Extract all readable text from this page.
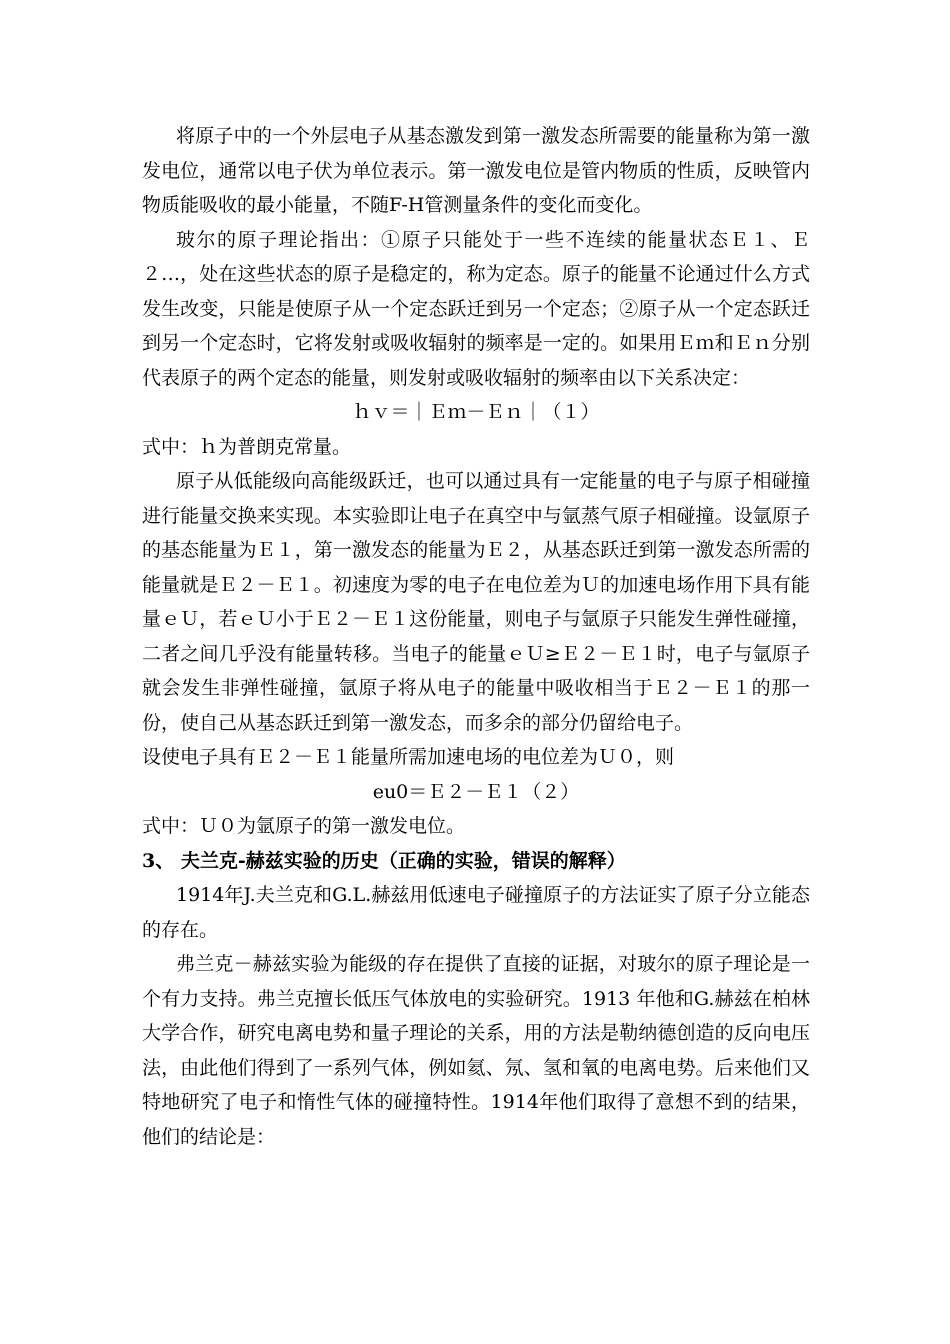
将原子中的一个外层电子从基态激发到第一激发态所需要的能量称为第一激发电位，通常以电子伏为单位表示。第一激发电位是管内物质的性质，反映管内物质能吸收的最小能量，不随F-H管测量条件的变化而变化。

玻尔的原子理论指出：①原子只能处于一些不连续的能量状态Ｅ１、Ｅ２…，处在这些状态的原子是稳定的，称为定态。原子的能量不论通过什么方式发生改变，只能是使原子从一个定态跃迁到另一个定态；②原子从一个定态跃迁到另一个定态时，它将发射或吸收辐射的频率是一定的。如果用Ｅｍ和Ｅｎ分别代表原子的两个定态的能量，则发射或吸收辐射的频率由以下关系决定：

ｈｖ＝｜Ｅｍ－Ｅｎ｜（１）

式中：ｈ为普朗克常量。

原子从低能级向高能级跃迁，也可以通过具有一定能量的电子与原子相碰撞进行能量交换来实现。本实验即让电子在真空中与氩蒸气原子相碰撞。设氩原子的基态能量为Ｅ１，第一激发态的能量为Ｅ２，从基态跃迁到第一激发态所需的能量就是Ｅ２－Ｅ１。初速度为零的电子在电位差为Ｕ的加速电场作用下具有能量ｅＵ，若ｅＵ小于Ｅ２－Ｅ１这份能量，则电子与氩原子只能发生弹性碰撞，二者之间几乎没有能量转移。当电子的能量ｅＵ≥Ｅ２－Ｅ１时，电子与氩原子就会发生非弹性碰撞，氩原子将从电子的能量中吸收相当于Ｅ２－Ｅ１的那一份，使自己从基态跃迁到第一激发态，而多余的部分仍留给电子。

设使电子具有Ｅ２－Ｅ１能量所需加速电场的电位差为Ｕ０，则

eu0＝Ｅ２－Ｅ１（２）

式中：Ｕ０为氩原子的第一激发电位。

3、 夫兰克-赫兹实验的历史（正确的实验，错误的解释）

1914年J.夫兰克和G.L.赫兹用低速电子碰撞原子的方法证实了原子分立能态的存在。

弗兰克－赫兹实验为能级的存在提供了直接的证据，对玻尔的原子理论是一个有力支持。弗兰克擅长低压气体放电的实验研究。1913 年他和G.赫兹在柏林大学合作，研究电离电势和量子理论的关系，用的方法是勒纳德创造的反向电压法，由此他们得到了一系列气体，例如氦、氖、氢和氧的电离电势。后来他们又特地研究了电子和惰性气体的碰撞特性。1914年他们取得了意想不到的结果，他们的结论是：
